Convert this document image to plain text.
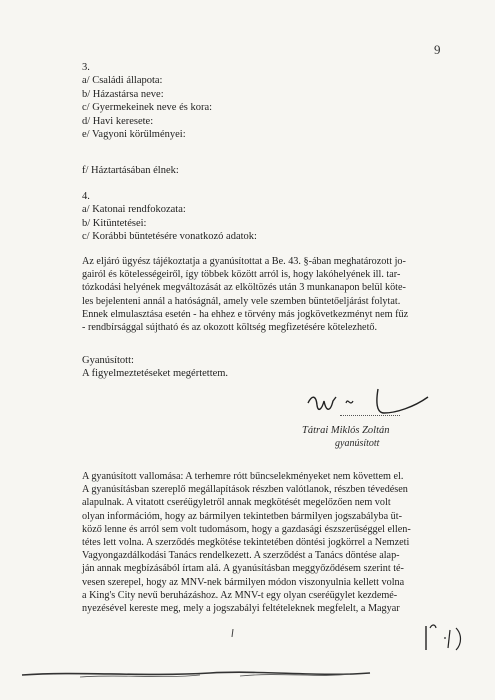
9
3.
a/ Családi állapota:
b/ Házastársa neve:
c/ Gyermekeinek neve és kora:
d/ Havi keresete:
e/ Vagyoni körülményei:
f/ Háztartásában élnek:
4.
a/ Katonai rendfokozata:
b/ Kitüntetései:
c/ Korábbi büntetésére vonatkozó adatok:
Az eljáró ügyész tájékoztatja a gyanúsítottat a Be. 43. §-ában meghatározott jo-
gairól és kötelességeiről, így többek között arról is, hogy lakóhelyének ill. tar-
tózkodási helyének megváltozását az elköltözés után 3 munkanapon belül köte-
les bejelenteni annál a hatóságnál, amely vele szemben büntetőeljárást folytat.
Ennek elmulasztása esetén - ha ehhez e törvény más jogkövetkezményt nem fűz
- rendbírsággal sújtható és az okozott költség megfizetésére kötelezhető.
Gyanúsított:
A figyelmeztetéseket megértettem.
Tátrai Miklós Zoltán
gyanúsított
A gyanúsított vallomása: A terhemre rótt bűncselekményeket nem követtem el.
A gyanúsításban szereplő megállapítások részben valótlanok, részben tévedésen
alapulnak. A vitatott cseréügyletről annak megkötését megelőzően nem volt
olyan információm, hogy az bármilyen tekintetben bármilyen jogszabályba üt-
köző lenne és arról sem volt tudomásom, hogy a gazdasági észszerűséggel ellen-
tétes lett volna. A szerződés megkötése tekintetében döntési jogkörrel a Nemzeti
Vagyongazdálkodási Tanács rendelkezett. A szerződést a Tanács döntése alap-
ján annak megbízásából írtam alá. A gyanúsításban meggyőződésem szerint té-
vesen szerepel, hogy az MNV-nek bármilyen módon viszonyulnia kellett volna
a King's City nevű beruházáshoz. Az MNV-t egy olyan cseréügylet kezdemé-
nyezésével kereste meg, mely a jogszabályi feltételeknek megfelelt, a Magyar
